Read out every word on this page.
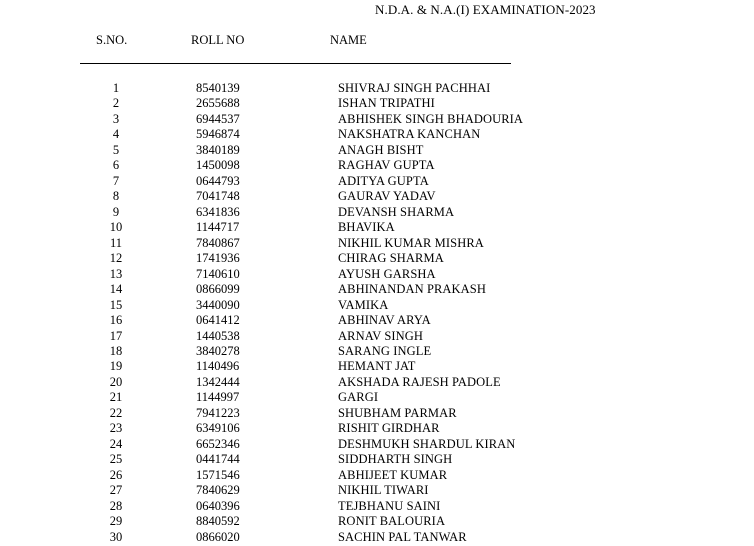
N.D.A. & N.A.(I) EXAMINATION-2023
S.NO.	ROLL NO	NAME
1	8540139	SHIVRAJ SINGH PACHHAI
2	2655688	ISHAN TRIPATHI
3	6944537	ABHISHEK SINGH BHADOURIA
4	5946874	NAKSHATRA KANCHAN
5	3840189	ANAGH BISHT
6	1450098	RAGHAV GUPTA
7	0644793	ADITYA GUPTA
8	7041748	GAURAV YADAV
9	6341836	DEVANSH SHARMA
10	1144717	BHAVIKA
11	7840867	NIKHIL KUMAR MISHRA
12	1741936	CHIRAG SHARMA
13	7140610	AYUSH GARSHA
14	0866099	ABHINANDAN PRAKASH
15	3440090	VAMIKA
16	0641412	ABHINAV ARYA
17	1440538	ARNAV SINGH
18	3840278	SARANG INGLE
19	1140496	HEMANT JAT
20	1342444	AKSHADA RAJESH PADOLE
21	1144997	GARGI
22	7941223	SHUBHAM PARMAR
23	6349106	RISHIT GIRDHAR
24	6652346	DESHMUKH SHARDUL KIRAN
25	0441744	SIDDHARTH SINGH
26	1571546	ABHIJEET KUMAR
27	7840629	NIKHIL TIWARI
28	0640396	TEJBHANU SAINI
29	8840592	RONIT BALOURIA
30	0866020	SACHIN PAL TANWAR
